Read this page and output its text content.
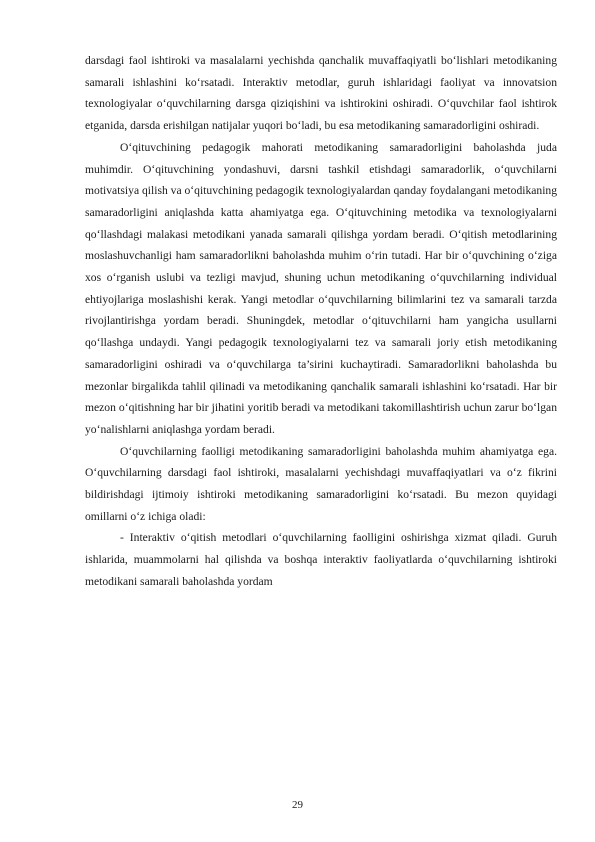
darsdagi faol ishtiroki va masalalarni yechishda qanchalik muvaffaqiyatli bo‘lishlari metodikaning samarali ishlashini ko‘rsatadi. Interaktiv metodlar, guruh ishlaridagi faoliyat va innovatsion texnologiyalar o‘quvchilarning darsga qiziqishini va ishtirokini oshiradi. O‘quvchilar faol ishtirok etganida, darsda erishilgan natijalar yuqori bo‘ladi, bu esa metodikaning samaradorligini oshiradi.

O‘qituvchining pedagogik mahorati metodikaning samaradorligini baholashda juda muhimdir. O‘qituvchining yondashuvi, darsni tashkil etishdagi samaradorlik, o‘quvchilarni motivatsiya qilish va o‘qituvchining pedagogik texnologiyalardan qanday foydalangani metodikaning samaradorligini aniqlashda katta ahamiyatga ega. O‘qituvchining metodika va texnologiyalarni qo‘llashdagi malakasi metodikani yanada samarali qilishga yordam beradi. O‘qitish metodlarining moslashuvchanligi ham samaradorlikni baholashda muhim o‘rin tutadi. Har bir o‘quvchining o‘ziga xos o‘rganish uslubi va tezligi mavjud, shuning uchun metodikaning o‘quvchilarning individual ehtiyojlariga moslashishi kerak. Yangi metodlar o‘quvchilarning bilimlarini tez va samarali tarzda rivojlantirishga yordam beradi. Shuningdek, metodlar o‘qituvchilarni ham yangicha usullarni qo‘llashga undaydi. Yangi pedagogik texnologiyalarni tez va samarali joriy etish metodikaning samaradorligini oshiradi va o‘quvchilarga ta’sirini kuchaytiradi. Samaradorlikni baholashda bu mezonlar birgalikda tahlil qilinadi va metodikaning qanchalik samarali ishlashini ko‘rsatadi. Har bir mezon o‘qitishning har bir jihatini yoritib beradi va metodikani takomillashtirish uchun zarur bo‘lgan yo‘nalishlarni aniqlashga yordam beradi.

O‘quvchilarning faolligi metodikaning samaradorligini baholashda muhim ahamiyatga ega. O‘quvchilarning darsdagi faol ishtiroki, masalalarni yechishdagi muvaffaqiyatlari va o‘z fikrini bildirishdagi ijtimoiy ishtiroki metodikaning samaradorligini ko‘rsatadi. Bu mezon quyidagi omillarni o‘z ichiga oladi:

- Interaktiv o‘qitish metodlari o‘quvchilarning faolligini oshirishga xizmat qiladi. Guruh ishlarida, muammolarni hal qilishda va boshqa interaktiv faoliyatlarda o‘quvchilarning ishtiroki metodikani samarali baholashda yordam

29
